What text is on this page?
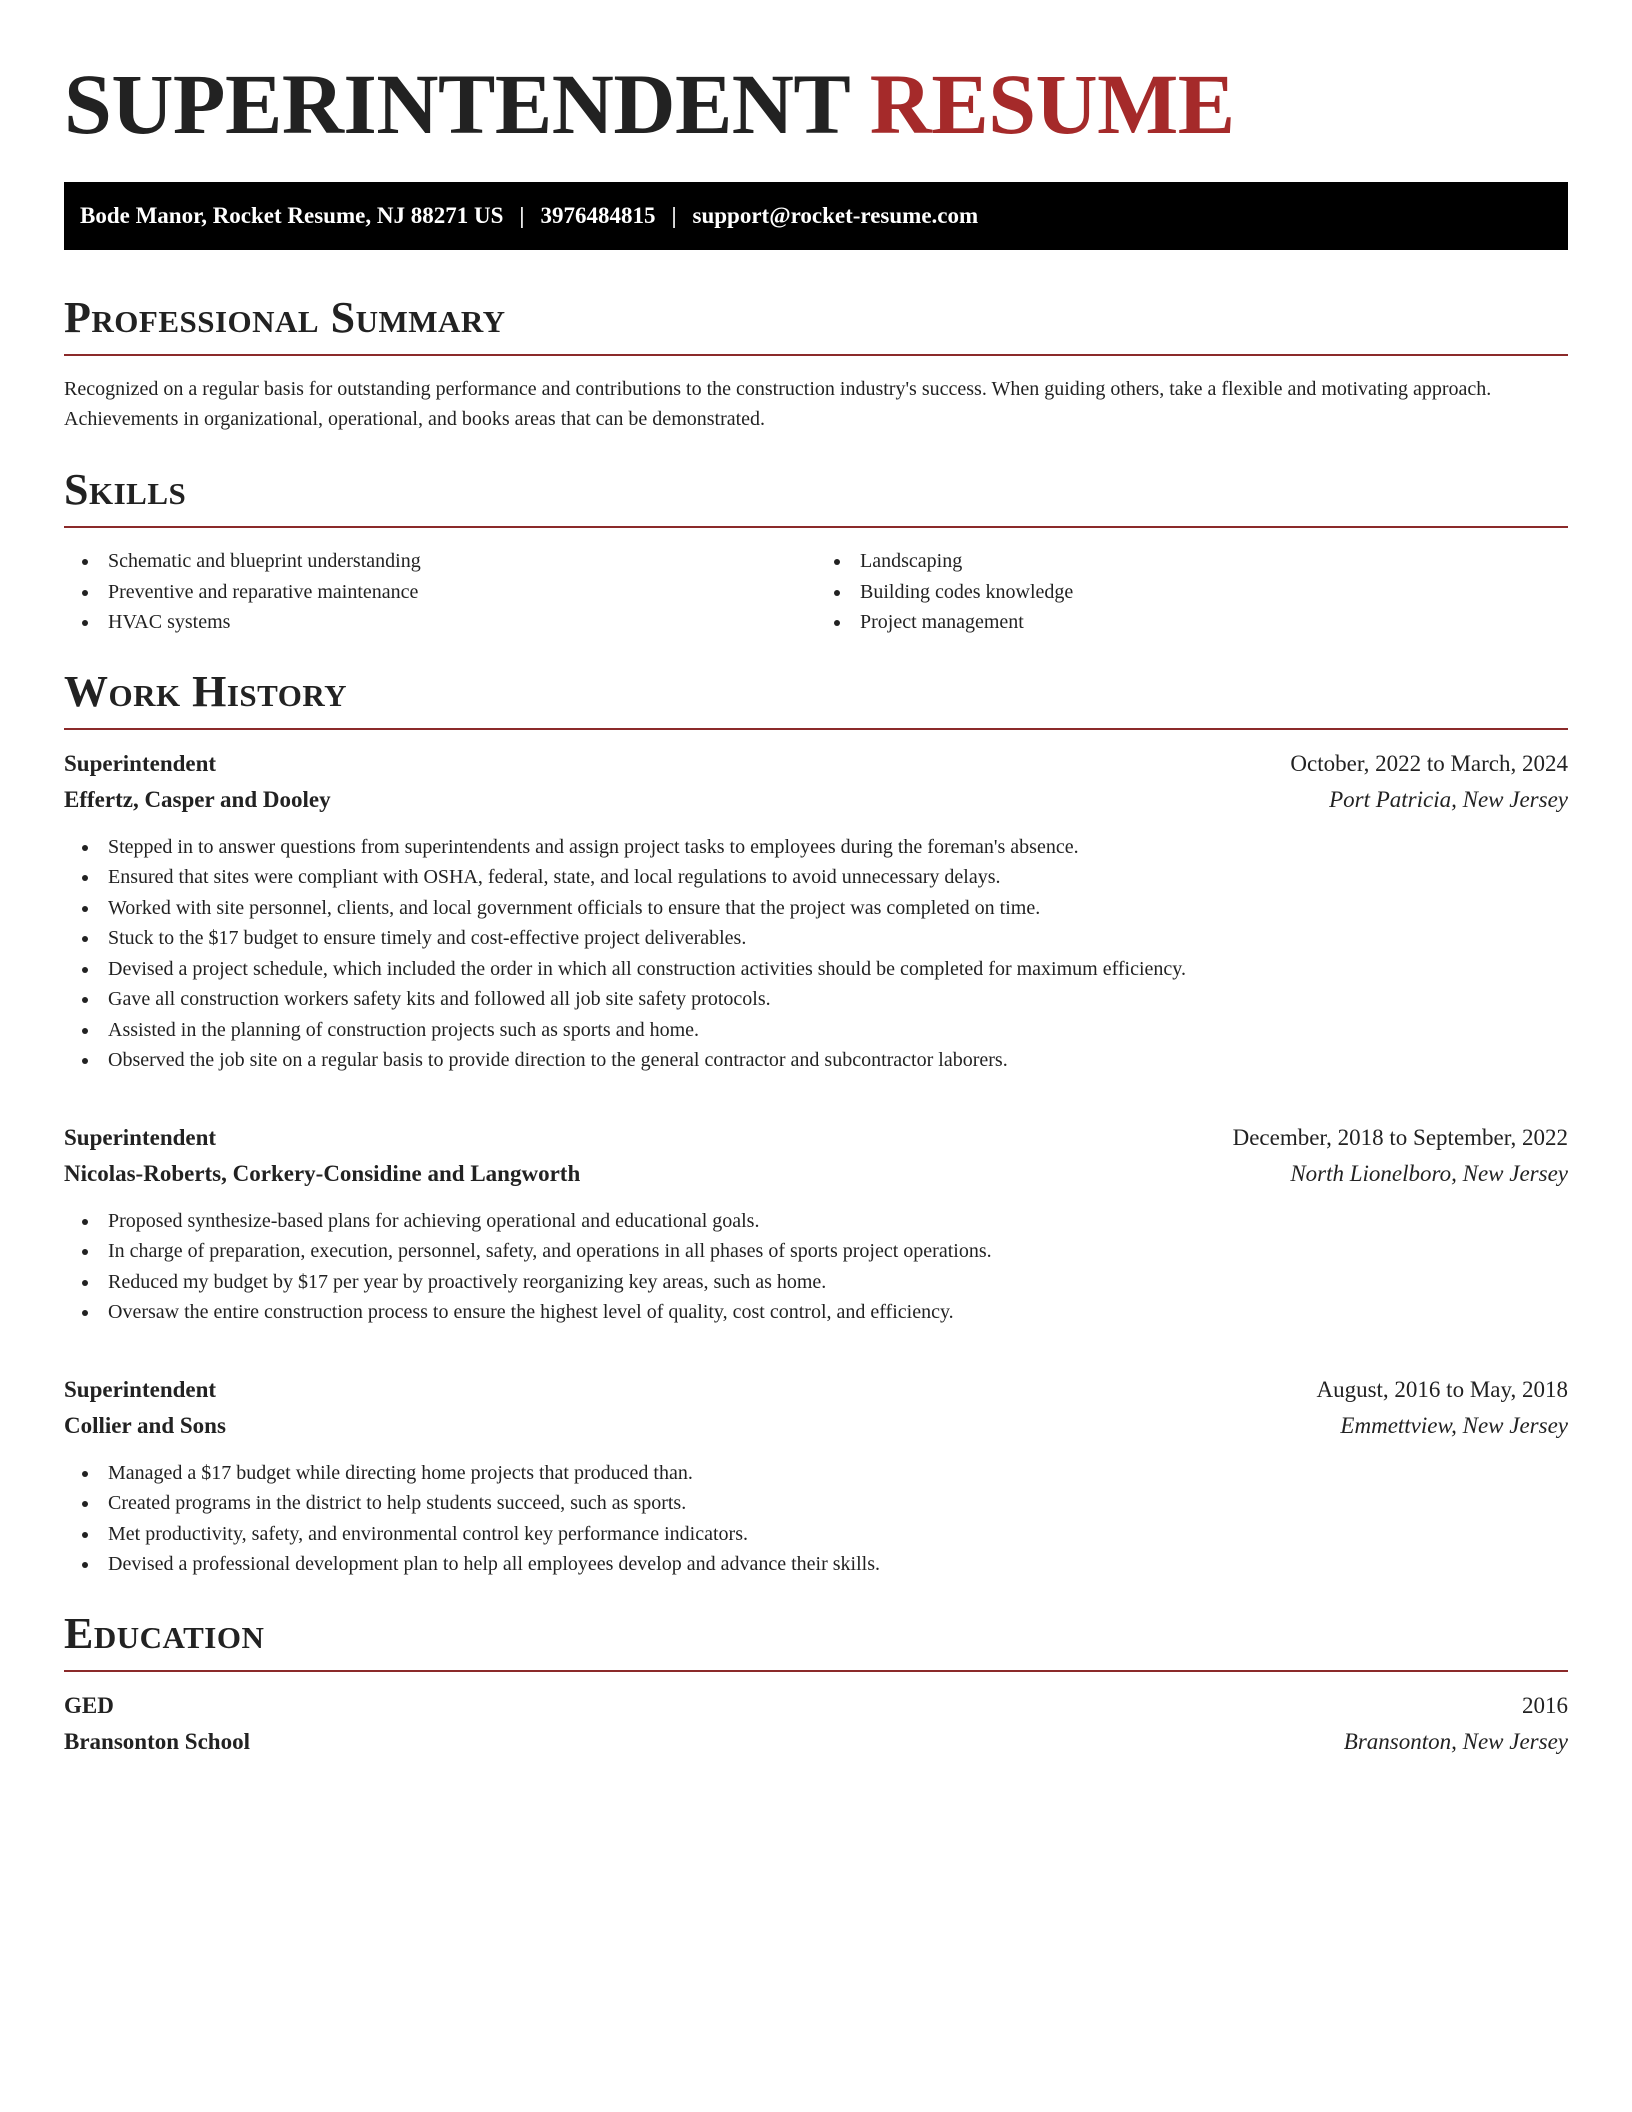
SUPERINTENDENT RESUME
Bode Manor, Rocket Resume, NJ 88271 US | 3976484815 | support@rocket-resume.com
Professional Summary

Recognized on a regular basis for outstanding performance and contributions to the construction industry's success. When guiding others, take a flexible and motivating approach. Achievements in organizational, operational, and books areas that can be demonstrated.

Skills
Schematic and blueprint understanding
Preventive and reparative maintenance
HVAC systems
Landscaping
Building codes knowledge
Project management
Work History
Superintendent	October, 2022 to March, 2024
Effertz, Casper and Dooley	Port Patricia, New Jersey
Stepped in to answer questions from superintendents and assign project tasks to employees during the foreman's absence.
Ensured that sites were compliant with OSHA, federal, state, and local regulations to avoid unnecessary delays.
Worked with site personnel, clients, and local government officials to ensure that the project was completed on time.
Stuck to the $17 budget to ensure timely and cost-effective project deliverables.
Devised a project schedule, which included the order in which all construction activities should be completed for maximum efficiency.
Gave all construction workers safety kits and followed all job site safety protocols.
Assisted in the planning of construction projects such as sports and home.
Observed the job site on a regular basis to provide direction to the general contractor and subcontractor laborers.
Superintendent	December, 2018 to September, 2022
Nicolas-Roberts, Corkery-Considine and Langworth	North Lionelboro, New Jersey
Proposed synthesize-based plans for achieving operational and educational goals.
In charge of preparation, execution, personnel, safety, and operations in all phases of sports project operations.
Reduced my budget by $17 per year by proactively reorganizing key areas, such as home.
Oversaw the entire construction process to ensure the highest level of quality, cost control, and efficiency.
Superintendent	August, 2016 to May, 2018
Collier and Sons	Emmettview, New Jersey
Managed a $17 budget while directing home projects that produced than.
Created programs in the district to help students succeed, such as sports.
Met productivity, safety, and environmental control key performance indicators.
Devised a professional development plan to help all employees develop and advance their skills.
Education
GED	2016
Bransonton School	Bransonton, New Jersey
